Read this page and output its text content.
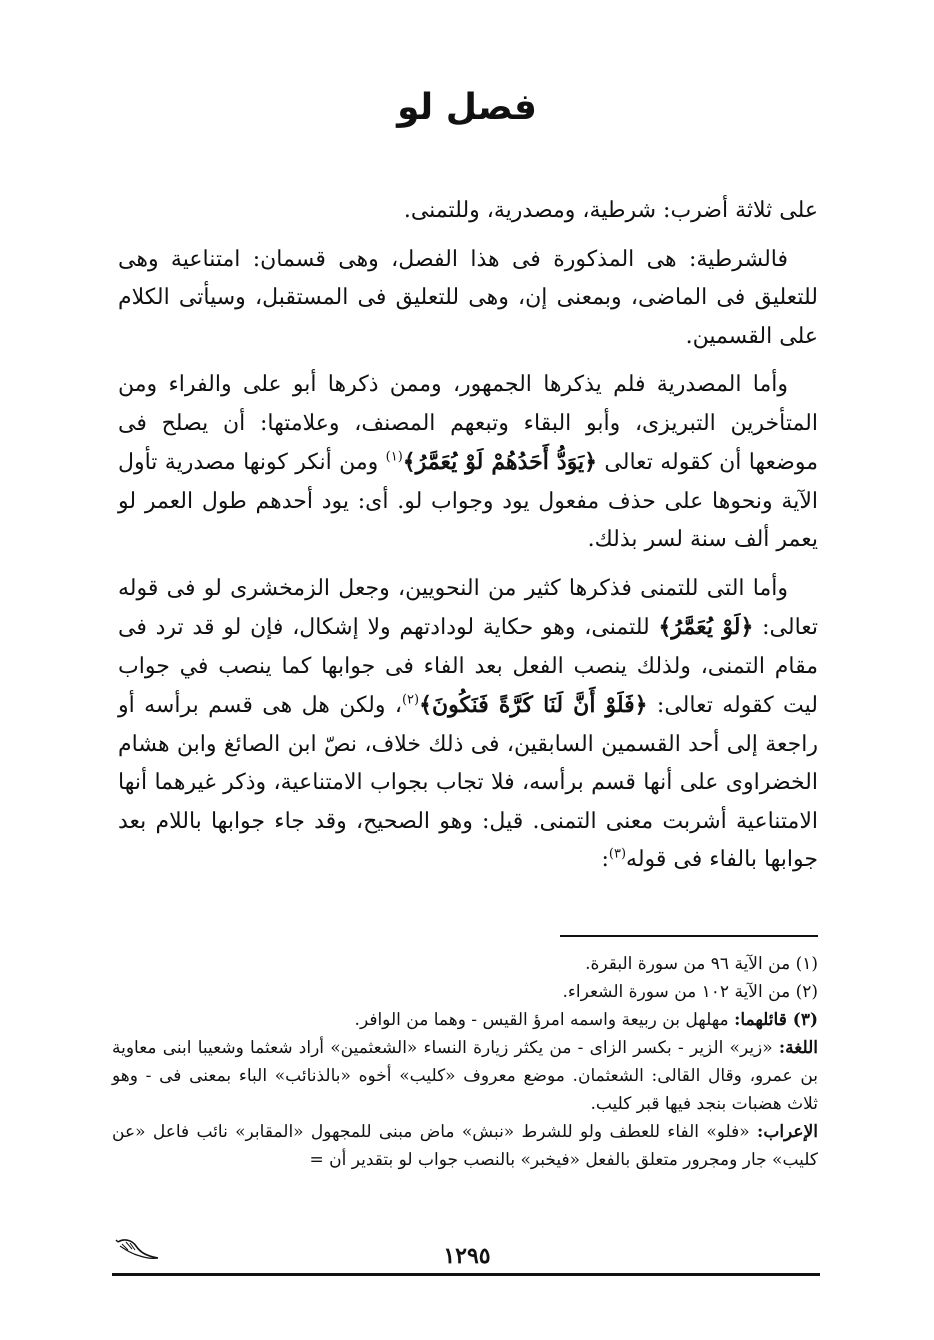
فصل لو

على ثلاثة أضرب: شرطية، ومصدرية، وللتمنى.

فالشرطية: هى المذكورة فى هذا الفصل، وهى قسمان: امتناعية وهى للتعليق فى الماضى، وبمعنى إن، وهى للتعليق فى المستقبل، وسيأتى الكلام على القسمين.

وأما المصدرية فلم يذكرها الجمهور، وممن ذكرها أبو على والفراء ومن المتأخرين التبريزى، وأبو البقاء وتبعهم المصنف، وعلامتها: أن يصلح فى موضعها أن كقوله تعالى ﴿يَوَدُّ أَحَدُهُمْ لَوْ يُعَمَّرُ﴾$^{(١)}$ ومن أنكر كونها مصدرية تأول الآية ونحوها على حذف مفعول يود وجواب لو. أى: يود أحدهم طول العمر لو يعمر ألف سنة لسر بذلك.

وأما التى للتمنى فذكرها كثير من النحويين، وجعل الزمخشرى لو فى قوله تعالى: ﴿لَوْ يُعَمَّرُ﴾ للتمنى، وهو حكاية لودادتهم ولا إشكال، فإن لو قد ترد فى مقام التمنى، ولذلك ينصب الفعل بعد الفاء فى جوابها كما ينصب في جواب ليت كقوله تعالى: ﴿فَلَوْ أَنَّ لَنَا كَرَّةً فَنَكُونَ﴾$^{(٢)}$، ولكن هل هى قسم برأسه أو راجعة إلى أحد القسمين السابقين، فى ذلك خلاف، نصّ ابن الصائغ وابن هشام الخضراوى على أنها قسم برأسه، فلا تجاب بجواب الامتناعية، وذكر غيرهما أنها الامتناعية أشربت معنى التمنى. قيل: وهو الصحيح، وقد جاء جوابها باللام بعد جوابها بالفاء فى قوله$^{(٣)}$:

(١) من الآية ٩٦ من سورة البقرة.

(٢) من الآية ١٠٢ من سورة الشعراء.

(٣) قائلهما: مهلهل بن ربيعة واسمه امرؤ القيس - وهما من الوافر.

اللغة: «زير» الزير - بكسر الزاى - من يكثر زيارة النساء «الشعثمين» أراد شعثما وشعيبا ابنى معاوية بن عمرو، وقال القالى: الشعثمان. موضع معروف «كليب» أخوه «بالذنائب» الباء بمعنى فى - وهو ثلاث هضبات بنجد فيها قبر كليب.

الإعراب: «فلو» الفاء للعطف ولو للشرط «نبش» ماض مبنى للمجهول «المقابر» نائب فاعل «عن كليب» جار ومجرور متعلق بالفعل «فيخبر» بالنصب جواب لو بتقدير أن =

١٢٩٥
